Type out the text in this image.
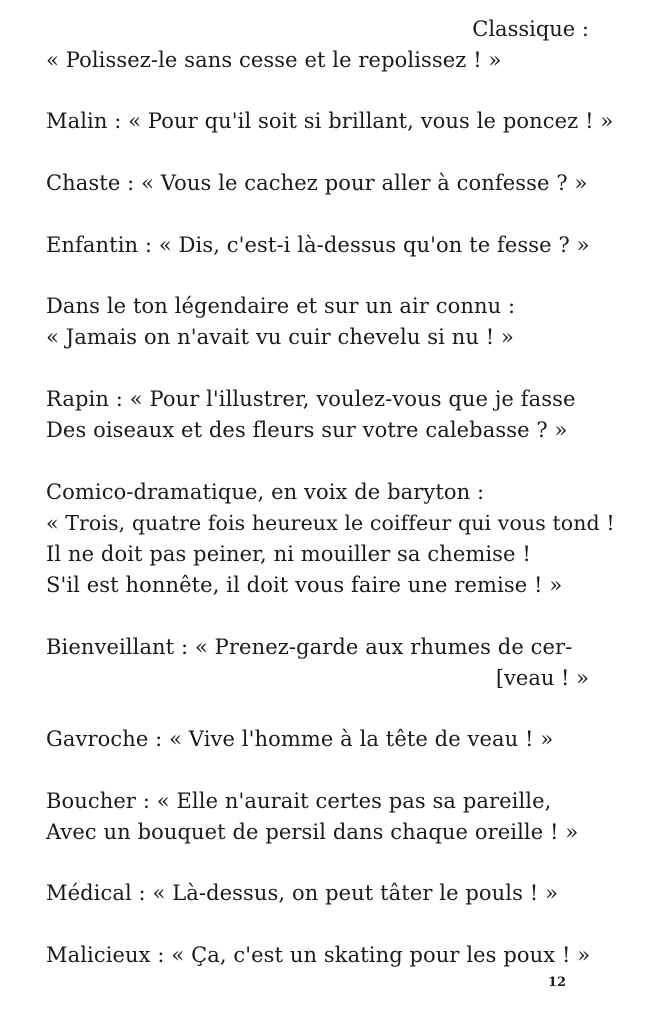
Classique :
« Polissez-le sans cesse et le repolissez ! »
Malin : « Pour qu'il soit si brillant, vous le poncez ! »
Chaste : « Vous le cachez pour aller à confesse ? »
Enfantin : « Dis, c'est-i là-dessus qu'on te fesse ? »
Dans le ton légendaire et sur un air connu :
« Jamais on n'avait vu cuir chevelu si nu ! »
Rapin : « Pour l'illustrer, voulez-vous que je fasse
Des oiseaux et des fleurs sur votre calebasse ? »
Comico-dramatique, en voix de baryton :
« Trois, quatre fois heureux le coiffeur qui vous tond !
Il ne doit pas peiner, ni mouiller sa chemise !
S'il est honnête, il doit vous faire une remise ! »
Bienveillant : « Prenez-garde aux rhumes de cer-
[veau ! »
Gavroche : « Vive l'homme à la tête de veau ! »
Boucher : « Elle n'aurait certes pas sa pareille,
Avec un bouquet de persil dans chaque oreille ! »
Médical : « Là-dessus, on peut tâter le pouls ! »
Malicieux : « Ça, c'est un skating pour les poux ! »
12
